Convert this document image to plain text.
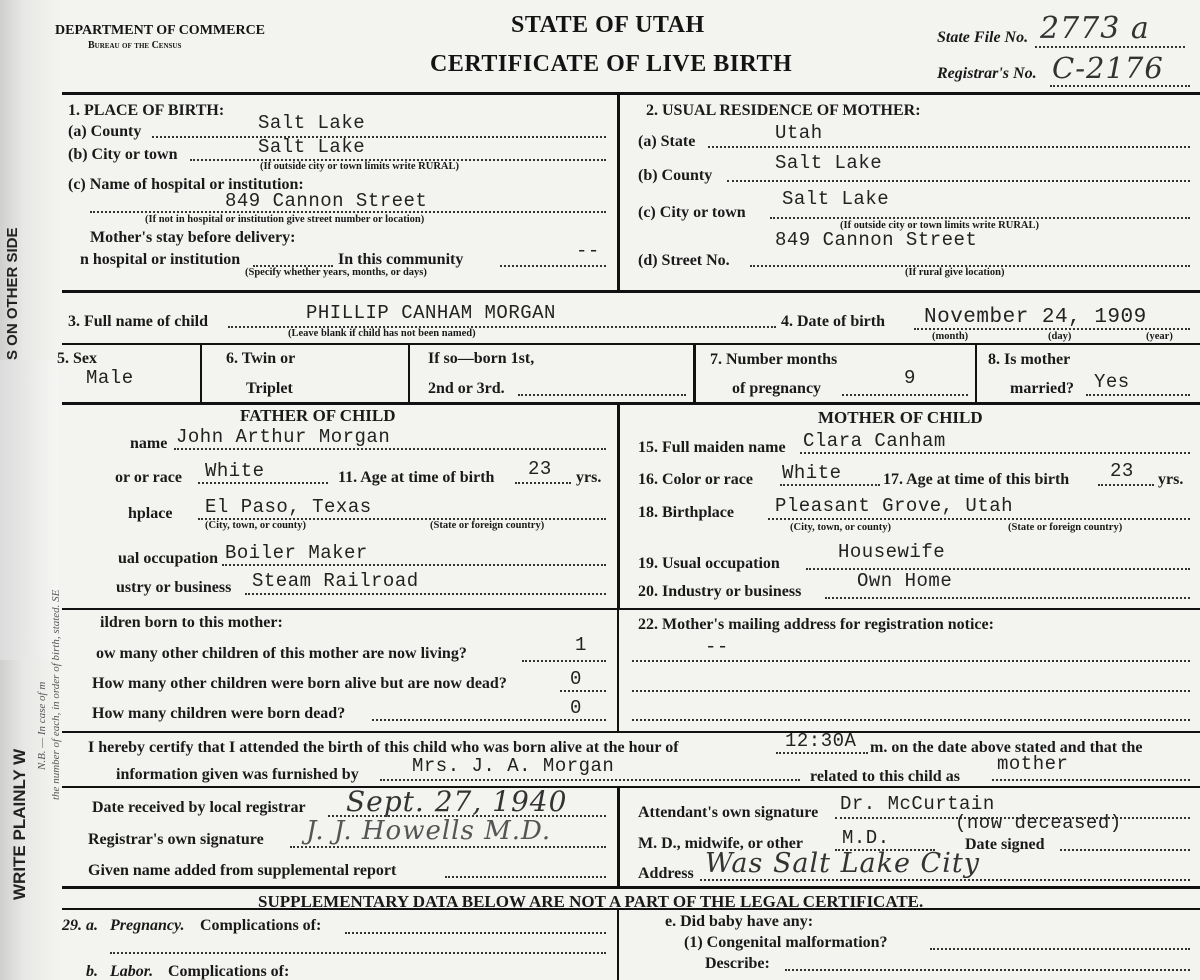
WRITE PLAINLY W
N.B. — In case of m the number of each, in order of birth, stated. SE
S ON OTHER SIDE
DEPARTMENT OF COMMERCE
Bureau of the Census
STATE OF UTAH
CERTIFICATE OF LIVE BIRTH
State File No. 2773 a
Registrar's No. C-2176
1. PLACE OF BIRTH:
(a) County	Salt Lake
(b) City or town	Salt Lake
(If outside city or town limits write RURAL)
(c) Name of hospital or institution:
849 Cannon Street
(If not in hospital or institution give street number or location)
Mother's stay before delivery:
n hospital or institution	In this community	--
(Specify whether years, months, or days)
2. USUAL RESIDENCE OF MOTHER:
(a) State	Utah
(b) County
Salt Lake
(c) City or town
Salt Lake
(If outside city or town limits write RURAL)
(d) Street No.
849 Cannon Street
(If rural give location)
3. Full name of child	PHILLIP CANHAM MORGAN
(Leave blank if child has not been named)
4. Date of birth November 24, 1909
(month)	(day)	(year)
5. Sex
Male
6. Twin or
Triplet
If so—born 1st,
2nd or 3rd.
7. Number months
of pregnancy	9
8. Is mother
married? Yes
FATHER OF CHILD
name John Arthur Morgan
or or race White	11. Age at time of birth 23 yrs.
hplace El Paso, Texas
(City, town, or county)	(State or foreign country)
ual occupation Boiler Maker
ustry or business Steam Railroad
MOTHER OF CHILD
15. Full maiden name Clara Canham
16. Color or race White	17. Age at time of this birth 23 yrs.
18. Birthplace Pleasant Grove, Utah
(City, town, or county)	(State or foreign country)
19. Usual occupation
Housewife
20. Industry or business	Own Home
ildren born to this mother:
ow many other children of this mother are now living?	1
How many other children were born alive but are now dead?	0
How many children were born dead?	0
22. Mother's mailing address for registration notice:
--
I hereby certify that I attended the birth of this child who was born alive at the hour of	12:30A m. on the date above stated and that the
information given was furnished by	Mrs. J. A. Morgan	related to this child as
mother
Date received by local registrar Sept. 27, 1940
Registrar's own signature J. J. Howells M.D.
Given name added from supplemental report
Attendant's own signature Dr. McCurtain
M. D., midwife, or other M.D.
(now deceased)
Date signed
Address Was Salt Lake City
SUPPLEMENTARY DATA BELOW ARE NOT A PART OF THE LEGAL CERTIFICATE.
29. a. Pregnancy. Complications of:
b. Labor. Complications of:
e. Did baby have any:
(1) Congenital malformation?
Describe:
